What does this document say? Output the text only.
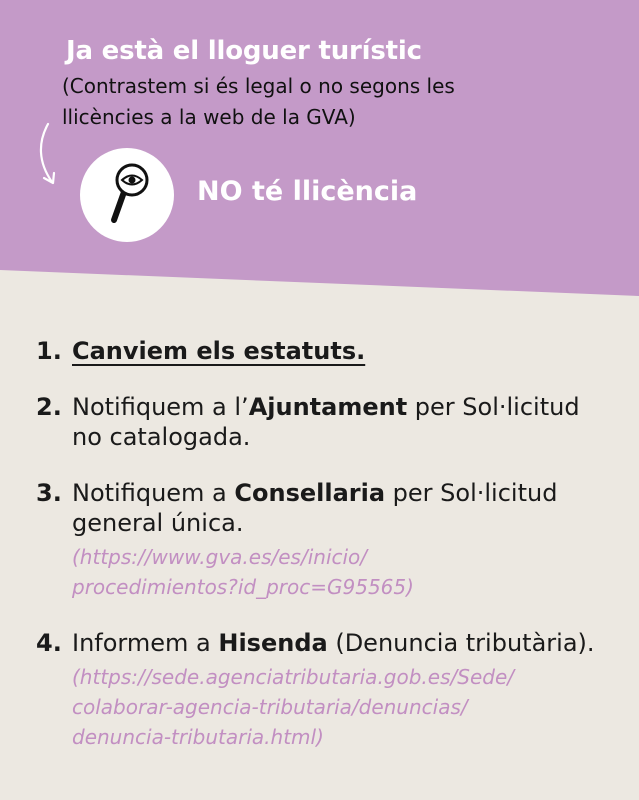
Ja està el lloguer turístic
(Contrastem si és legal o no segons les llicències a la web de la GVA)
NO té llicència
1. Canviem els estatuts.
2. Notifiquem a l’Ajuntament per Sol·licitud no catalogada.
3. Notifiquem a Consellaria per Sol·licitud general única.
(https://www.gva.es/es/inicio/
procedimientos?id_proc=G95565)
4. Informem a Hisenda (Denuncia tributària).
(https://sede.agenciatributaria.gob.es/Sede/
colaborar-agencia-tributaria/denuncias/
denuncia-tributaria.html)
